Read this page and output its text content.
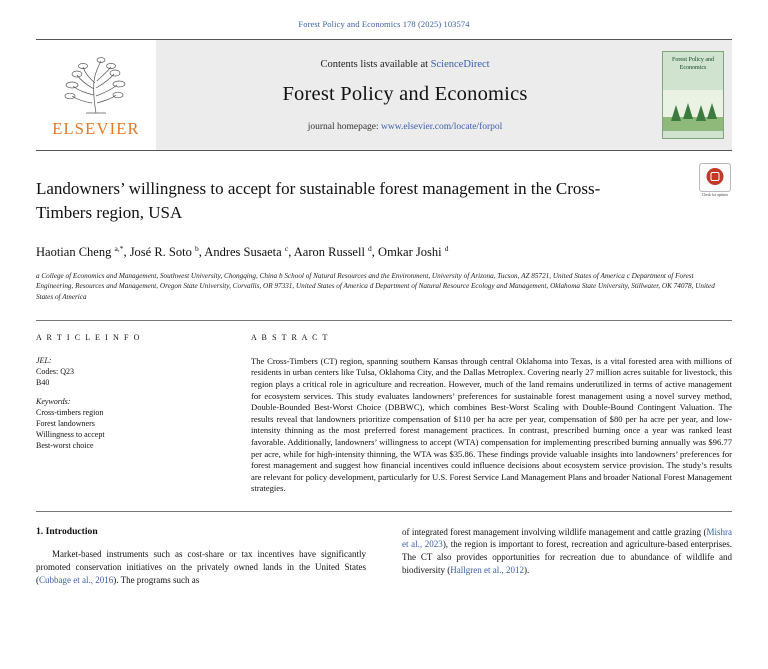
Forest Policy and Economics 178 (2025) 103574
ELSEVIER
Contents lists available at ScienceDirect
Forest Policy and Economics
journal homepage: www.elsevier.com/locate/forpol
Forest Policy and Economics
Landowners’ willingness to accept for sustainable forest management in the Cross-Timbers region, USA
Check for updates
Haotian Cheng $^{a,*}$, José R. Soto $^b$, Andres Susaeta $^c$, Aaron Russell $^d$, Omkar Joshi $^d$
a College of Economics and Management, Southwest University, Chongqing, China b School of Natural Resources and the Environment, University of Arizona, Tucson, AZ 85721, United States of America c Department of Forest Engineering, Resources and Management, Oregon State University, Corvallis, OR 97331, United States of America d Department of Natural Resource Ecology and Management, Oklahoma State University, Stillwater, OK 74078, United States of America
A R T I C L E I N F O
JEL:
Codes: Q23
B40
Keywords:
Cross-timbers region
Forest landowners
Willingness to accept
Best-worst choice
A B S T R A C T
The Cross-Timbers (CT) region, spanning southern Kansas through central Oklahoma into Texas, is a vital forested area with millions of residents in urban centers like Tulsa, Oklahoma City, and the Dallas Metroplex. Covering nearly 27 million acres suitable for livestock, this region plays a critical role in agriculture and recreation. However, much of the land remains underutilized in terms of active management for ecosystem services. This study evaluates landowners’ preferences for sustainable forest management using a novel survey method, Double-Bounded Best-Worst Choice (DBBWC), which combines Best-Worst Scaling with Double-Bound Contingent Valuation. The results reveal that landowners prioritize compensation of $110 per ha acre per year, compensation of $80 per ha acre per year, and low-intensity thinning as the most preferred forest management practices. In contrast, prescribed burning once a year was ranked least favorable. Additionally, landowners’ willingness to accept (WTA) compensation for implementing prescribed burning annually was $96.77 per acre, while for high-intensity thinning, the WTA was $35.86. These findings provide valuable insights into landowners’ preferences for forest management and suggest how financial incentives could influence decisions about ecosystem service provision. The study’s results are relevant for policy development, particularly for U.S. Forest Service Land Management Plans and broader National Forest Management strategies.
1. Introduction
Market-based instruments such as cost-share or tax incentives have significantly promoted conservation initiatives on the privately owned lands in the United States (Cubbage et al., 2016). The programs such as
of integrated forest management involving wildlife management and cattle grazing (Mishra et al., 2023), the region is important to forest, recreation and agriculture-based enterprises. The CT also provides opportunities for recreation due to abundance of wildlife and biodiversity (Hallgren et al., 2012).
